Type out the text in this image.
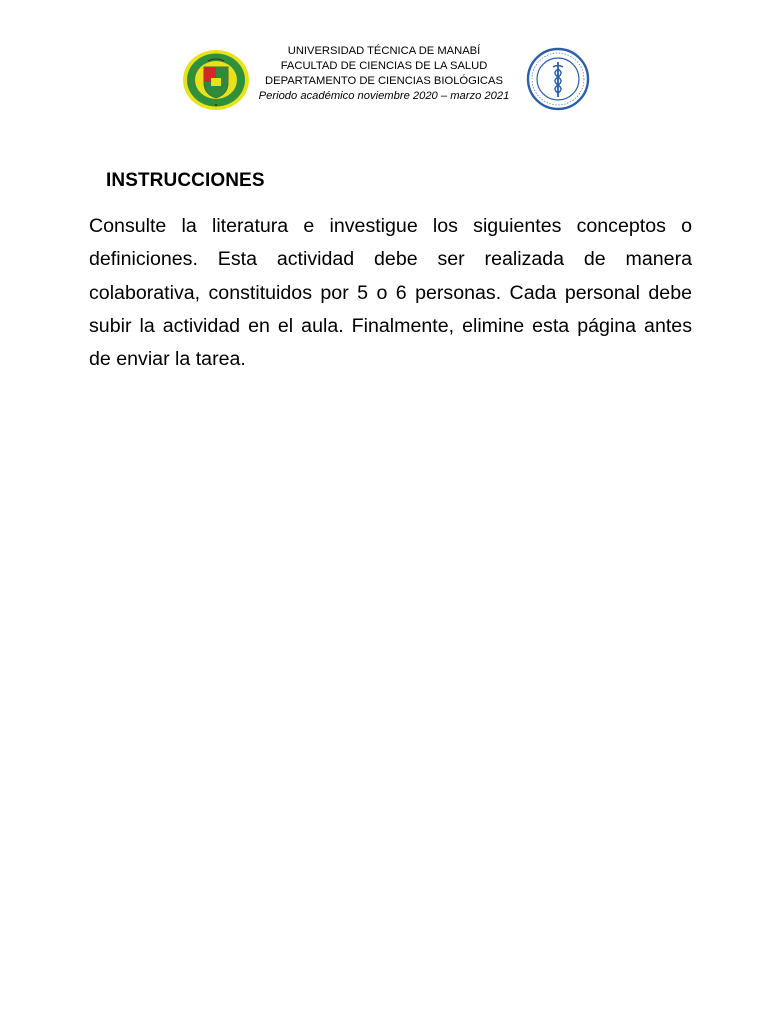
UNIVERSIDAD TÉCNICA DE MANABÍ
FACULTAD DE CIENCIAS DE LA SALUD
DEPARTAMENTO DE CIENCIAS BIOLÓGICAS
Periodo académico noviembre 2020 – marzo 2021
INSTRUCCIONES
Consulte la literatura e investigue los siguientes conceptos o definiciones. Esta actividad debe ser realizada de manera colaborativa, constituidos por 5 o 6 personas. Cada personal debe subir la actividad en el aula. Finalmente, elimine esta página antes de enviar la tarea.
